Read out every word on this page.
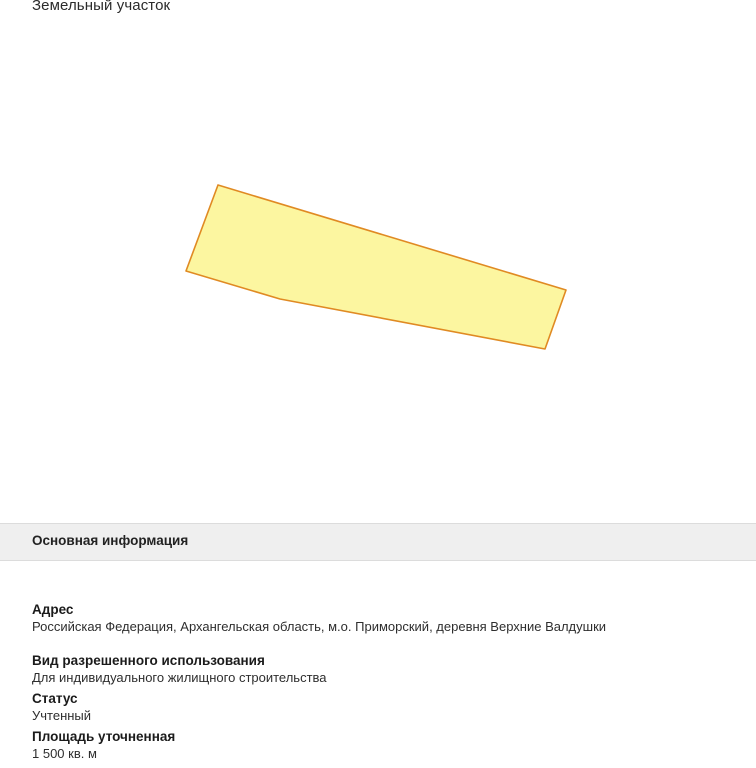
Земельный участок
Основная информация
Адрес
Российская Федерация, Архангельская область, м.о. Приморский, деревня Верхние Валдушки
Вид разрешенного использования
Для индивидуального жилищного строительства
Статус
Учтенный
Площадь уточненная
1 500 кв. м
